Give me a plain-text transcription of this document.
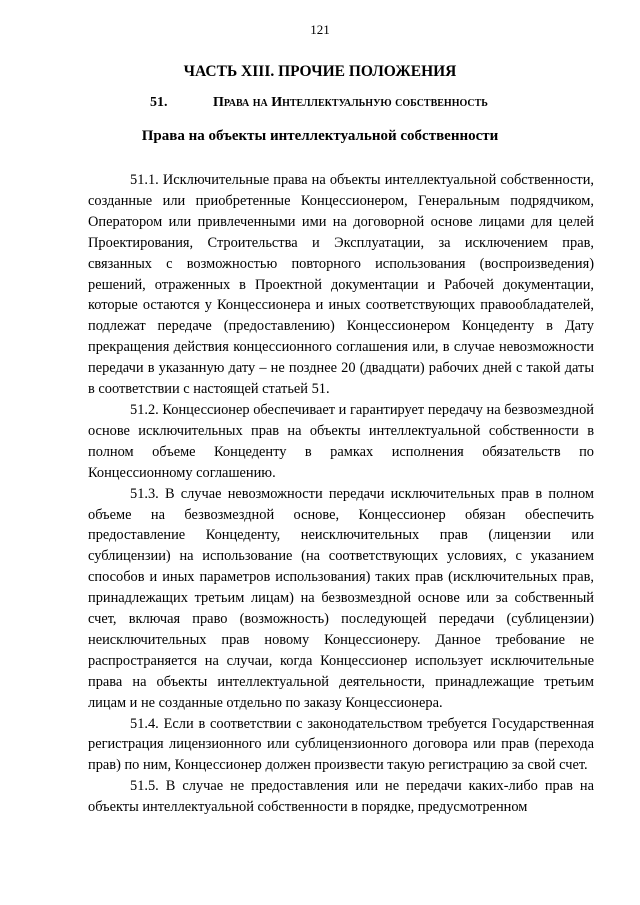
121
ЧАСТЬ XIII. ПРОЧИЕ ПОЛОЖЕНИЯ
51.	Права на Интеллектуальную собственность
Права на объекты интеллектуальной собственности

51.1. Исключительные права на объекты интеллектуальной собственности, созданные или приобретенные Концессионером, Генеральным подрядчиком, Оператором или привлеченными ими на договорной основе лицами для целей Проектирования, Строительства и Эксплуатации, за исключением прав, связанных с возможностью повторного использования (воспроизведения) решений, отраженных в Проектной документации и Рабочей документации, которые остаются у Концессионера и иных соответствующих правообладателей, подлежат передаче (предоставлению) Концессионером Концеденту в Дату прекращения действия концессионного соглашения или, в случае невозможности передачи в указанную дату – не позднее 20 (двадцати) рабочих дней с такой даты в соответствии с настоящей статьей 51.

51.2. Концессионер обеспечивает и гарантирует передачу на безвозмездной основе исключительных прав на объекты интеллектуальной собственности в полном объеме Концеденту в рамках исполнения обязательств по Концессионному соглашению.

51.3. В случае невозможности передачи исключительных прав в полном объеме на безвозмездной основе, Концессионер обязан обеспечить предоставление Концеденту, неисключительных прав (лицензии или сублицензии) на использование (на соответствующих условиях, с указанием способов и иных параметров использования) таких прав (исключительных прав, принадлежащих третьим лицам) на безвозмездной основе или за собственный счет, включая право (возможность) последующей передачи (сублицензии) неисключительных прав новому Концессионеру. Данное требование не распространяется на случаи, когда Концессионер использует исключительные права на объекты интеллектуальной деятельности, принадлежащие третьим лицам и не созданные отдельно по заказу Концессионера.

51.4. Если в соответствии с законодательством требуется Государственная регистрация лицензионного или сублицензионного договора или прав (перехода прав) по ним, Концессионер должен произвести такую регистрацию за свой счет.

51.5. В случае не предоставления или не передачи каких-либо прав на объекты интеллектуальной собственности в порядке, предусмотренном
